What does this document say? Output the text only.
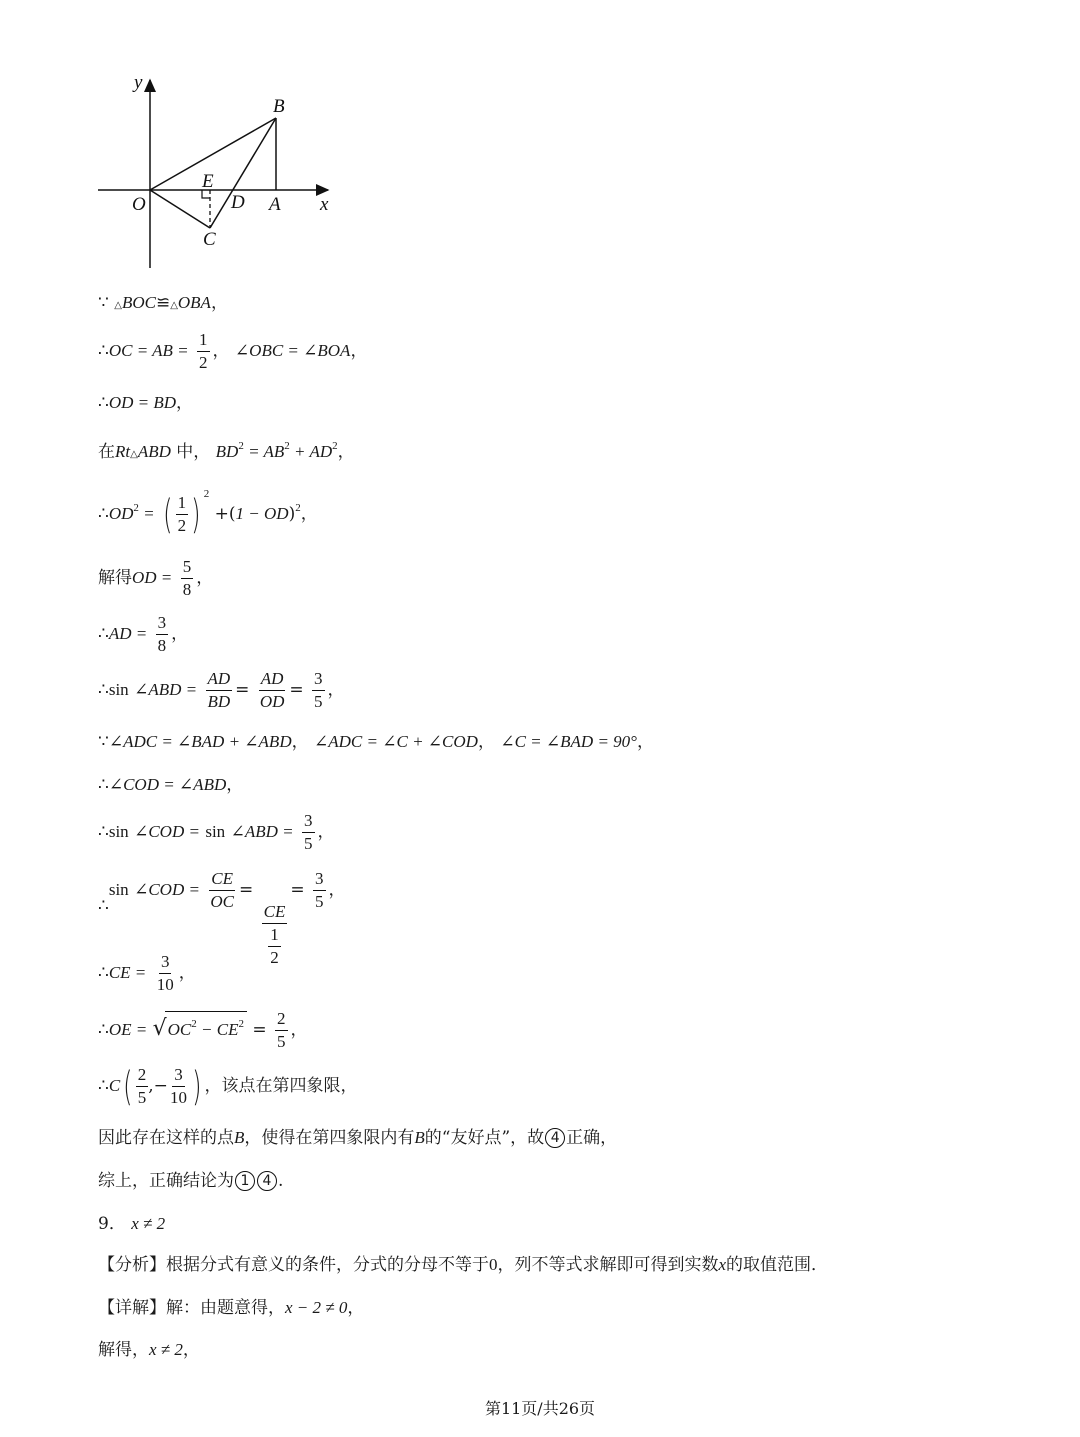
y
x
O
B
A
E
D
C
∵ △BOC≌△OBA，
∴OC = AB = $\frac{1}{2}$ ， ∠OBC = ∠BOA，
∴OD = BD，
在Rt△ABD 中， $BD^2 = AB^2 + AD^2$，
$\therefore OD^2$ = ( $\frac{1}{2}$ ) $^2$ +(1 − OD)$^2$，
解得OD = $\frac{5}{8}$ ，
∴AD = $\frac{3}{8}$ ，
∴sin ∠ABD = $\frac{AD}{BD} = \frac{AD}{OD} = \frac{3}{5}$ ，
∵∠ADC = ∠BAD + ∠ABD， ∠ADC = ∠C + ∠COD， ∠C = ∠BAD = 90°，
∴∠COD = ∠ABD，
∴sin ∠COD = sin ∠ABD = $\frac{3}{5}$ ，
∴sin ∠COD = $\frac{CE}{OC}$ =
$\frac{CE}{\frac{1}{2}}$
= $\frac{3}{5}$ ，
∴CE = $\frac{3}{10}$ ，
∴OE = $√OC^2 - CE^2 = \frac{2}{5}$ ，
∴C( $\frac{2}{5}$ ,− $\frac{3}{10}$ ) ，该点在第四象限，
因此存在这样的点B，使得在第四象限内有B的“友好点”，故 4 正确，
综上，正确结论为 1 4 .
9． x ≠ 2
【分析】根据分式有意义的条件，分式的分母不等于0，列不等式求解即可得到实数x的取值范围．
【详解】解：由题意得，x − 2 ≠ 0，
解得，x ≠ 2，
第11页/共26页
